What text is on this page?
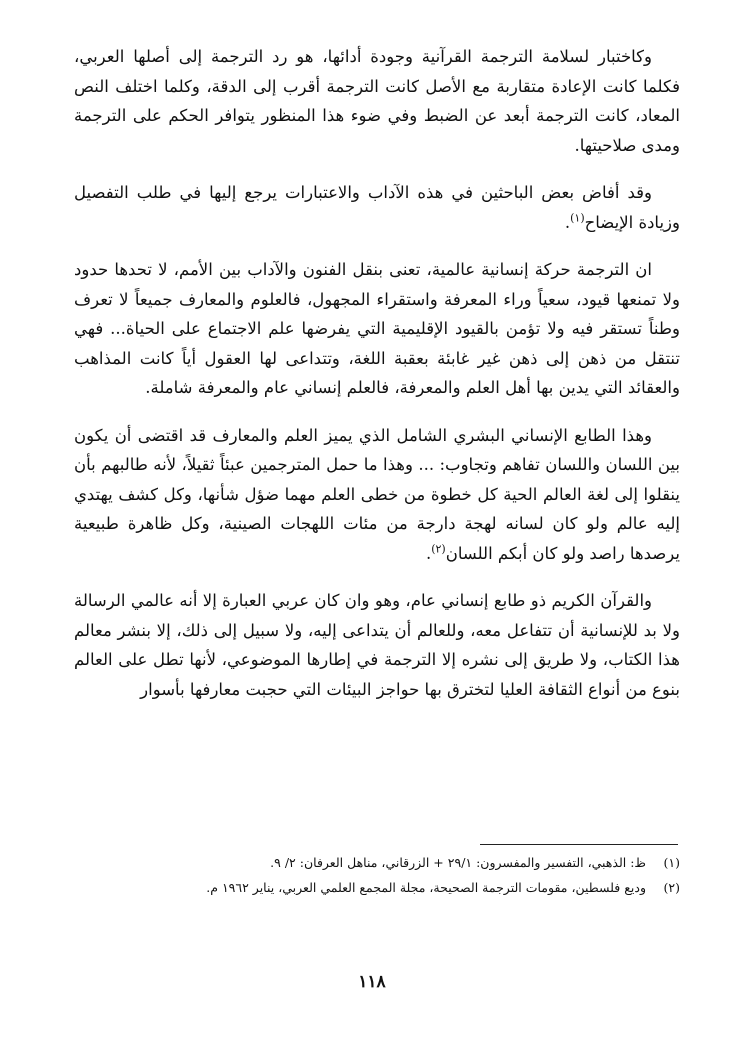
وكاختبار لسلامة الترجمة القرآنية وجودة أدائها، هو رد الترجمة إلى أصلها العربي، فكلما كانت الإعادة متقاربة مع الأصل كانت الترجمة أقرب إلى الدقة، وكلما اختلف النص المعاد، كانت الترجمة أبعد عن الضبط وفي ضوء هذا المنظور يتوافر الحكم على الترجمة ومدى صلاحيتها.

وقد أفاض بعض الباحثين في هذه الآداب والاعتبارات يرجع إليها في طلب التفصيل وزيادة الإيضاح$^{(١)}$.

ان الترجمة حركة إنسانية عالمية، تعنى بنقل الفنون والآداب بين الأمم، لا تحدها حدود ولا تمنعها قيود، سعياً وراء المعرفة واستقراء المجهول، فالعلوم والمعارف جميعاً لا تعرف وطناً تستقر فيه ولا تؤمن بالقيود الإقليمية التي يفرضها علم الاجتماع على الحياة... فهي تنتقل من ذهن إلى ذهن غير غابئة بعقبة اللغة، وتتداعى لها العقول أياً كانت المذاهب والعقائد التي يدين بها أهل العلم والمعرفة، فالعلم إنساني عام والمعرفة شاملة.

وهذا الطابع الإنساني البشري الشامل الذي يميز العلم والمعارف قد اقتضى أن يكون بين اللسان واللسان تفاهم وتجاوب: ... وهذا ما حمل المترجمين عبئاً ثقيلاً، لأنه طالبهم بأن ينقلوا إلى لغة العالم الحية كل خطوة من خطى العلم مهما ضؤل شأنها، وكل كشف يهتدي إليه عالم ولو كان لسانه لهجة دارجة من مئات اللهجات الصينية، وكل ظاهرة طبيعية يرصدها راصد ولو كان أبكم اللسان$^{(٢)}$.

والقرآن الكريم ذو طابع إنساني عام، وهو وان كان عربي العبارة إلا أنه عالمي الرسالة ولا بد للإنسانية أن تتفاعل معه، وللعالم أن يتداعى إليه، ولا سبيل إلى ذلك، إلا بنشر معالم هذا الكتاب، ولا طريق إلى نشره إلا الترجمة في إطارها الموضوعي، لأنها تطل على العالم بنوع من أنواع الثقافة العليا لتخترق بها حواجز البيئات التي حجبت معارفها بأسوار

(١)
ظ: الذهبي، التفسير والمفسرون: ٢٩/١ + الزرقاني، مناهل العرفان: ٢/ ٩.
(٢)
وديع فلسطين، مقومات الترجمة الصحيحة، مجلة المجمع العلمي العربي، يناير ١٩٦٢ م.
١١٨
